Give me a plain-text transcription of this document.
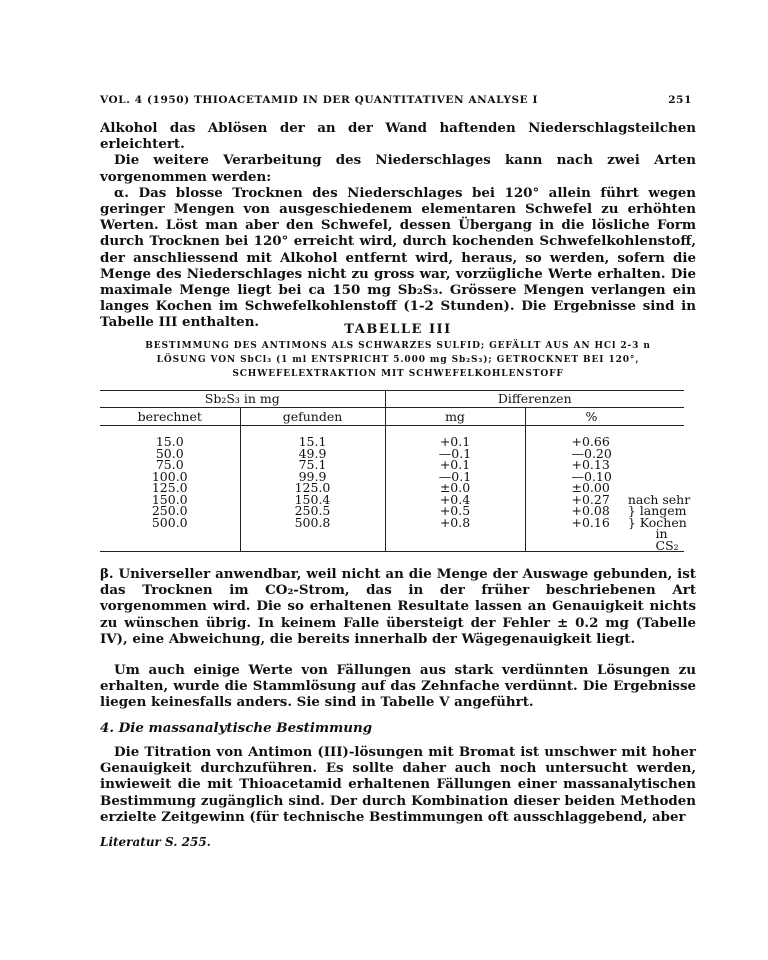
VOL. 4 (1950) THIOACETAMID IN DER QUANTITATIVEN ANALYSE I	251

Alkohol das Ablösen der an der Wand haftenden Niederschlagsteilchen erleichtert.

Die weitere Verarbeitung des Niederschlages kann nach zwei Arten vorgenommen werden:

α. Das blosse Trocknen des Niederschlages bei 120° allein führt wegen geringer Mengen von ausgeschiedenem elementaren Schwefel zu erhöhten Werten. Löst man aber den Schwefel, dessen Übergang in die lösliche Form durch Trocknen bei 120° erreicht wird, durch kochenden Schwefelkohlenstoff, der anschliessend mit Alkohol entfernt wird, heraus, so werden, sofern die Menge des Niederschlages nicht zu gross war, vorzügliche Werte erhalten. Die maximale Menge liegt bei ca 150 mg Sb₂S₃. Grössere Mengen verlangen ein langes Kochen im Schwefelkohlenstoff (1-2 Stunden). Die Ergebnisse sind in Tabelle III enthalten.	TABELLE III
BESTIMMUNG DES ANTIMONS ALS SCHWARZES SULFID; GEFÄLLT AUS AN HCl 2-3 n
LÖSUNG VON SbCl₃ (1 ml ENTSPRICHT 5.000 mg Sb₂S₃); GETROCKNET BEI 120°,
SCHWEFELEXTRAKTION MIT SCHWEFELKOHLENSTOFF
Sb₂S₃ in mg		Differenzen	
berechnet	gefunden	mg	%

15.0	15.1	+0.1	+0.66
50.0	49.9	—0.1	—0.20
75.0	75.1	+0.1	+0.13
100.0	99.9	—0.1	—0.10
125.0	125.0	±0.0	±0.00
150.0	150.4	+0.4	+0.27 nach sehr

250.0	250.5	+0.5	+0.08 } langem

500.0	500.8	+0.8	+0.16 } Kochen

			in CS₂
β. Universeller anwendbar, weil nicht an die Menge der Auswage gebunden, ist das Trocknen im CO₂-Strom, das in der früher beschriebenen Art vorgenommen wird. Die so erhaltenen Resultate lassen an Genauigkeit nichts zu wünschen übrig. In keinem Falle übersteigt der Fehler ± 0.2 mg (Tabelle IV), eine Abweichung, die bereits innerhalb der Wägegenauigkeit liegt.
Um auch einige Werte von Fällungen aus stark verdünnten Lösungen zu erhalten, wurde die Stammlösung auf das Zehnfache verdünnt. Die Ergebnisse liegen keinesfalls anders. Sie sind in Tabelle V angeführt.
4. Die massanalytische Bestimmung
Die Titration von Antimon (III)-lösungen mit Bromat ist unschwer mit hoher Genauigkeit durchzuführen. Es sollte daher auch noch untersucht werden, inwieweit die mit Thioacetamid erhaltenen Fällungen einer massanalytischen Bestimmung zugänglich sind. Der durch Kombination dieser beiden Methoden erzielte Zeitgewinn (für technische Bestimmungen oft ausschlaggebend, aber
Literatur S. 255.
